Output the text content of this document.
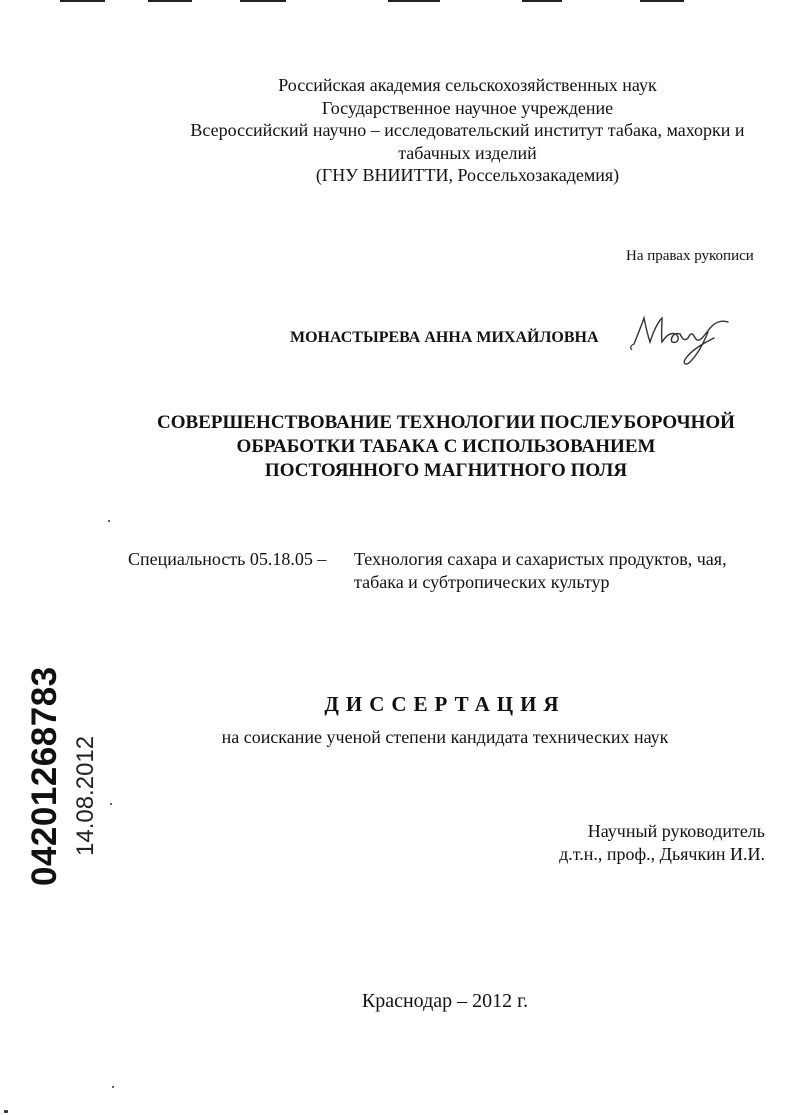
Российская академия сельскохозяйственных наук
Государственное научное учреждение
Всероссийский научно – исследовательский институт табака, махорки и
табачных изделий
(ГНУ ВНИИТТИ, Россельхозакадемия)
На правах рукописи
МОНАСТЫРЕВА АННА МИХАЙЛОВНА
СОВЕРШЕНСТВОВАНИЕ ТЕХНОЛОГИИ ПОСЛЕУБОРОЧНОЙ
ОБРАБОТКИ ТАБАКА С ИСПОЛЬЗОВАНИЕМ
ПОСТОЯННОГО МАГНИТНОГО ПОЛЯ
Специальность 05.18.05 – Технология сахара и сахаристых продуктов, чая,
табака и субтропических культур
ДИССЕРТАЦИЯ
на соискание ученой степени кандидата технических наук
Научный руководитель
д.т.н., проф., Дьячкин И.И.
Краснодар – 2012 г.
04201268783 14.08.2012
